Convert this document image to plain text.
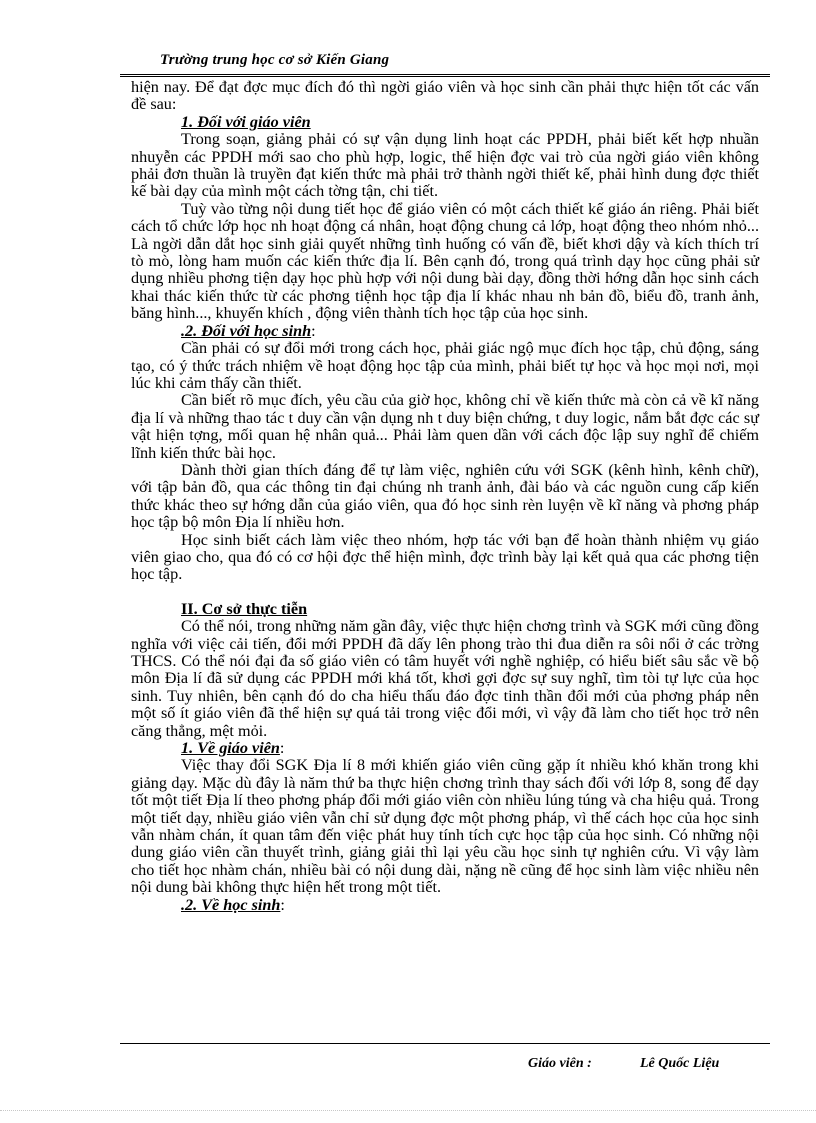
Trường trung học cơ sở Kiến Giang

hiện nay. Để đạt đợc mục đích đó thì ngời giáo viên và học sinh cần phải thực hiện tốt các vấn đề sau:

1. Đối với giáo viên

Trong soạn, giảng phải có sự vận dụng linh hoạt các PPDH, phải biết kết hợp nhuần nhuyễn các PPDH mới sao cho phù hợp, logic, thể hiện đợc vai trò của ngời giáo viên không phải đơn thuần là truyền đạt kiến thức mà phải trở thành ngời thiết kế, phải hình dung đợc thiết kế bài dạy của mình một cách tờng tận, chi tiết.

Tuỳ vào từng nội dung tiết học để giáo viên có một cách thiết kế giáo án riêng. Phải biết cách tổ chức lớp học nh hoạt động cá nhân, hoạt động chung cả lớp, hoạt động theo nhóm nhỏ... Là ngời dẫn dắt học sinh giải quyết những tình huống có vấn đề, biết khơi dậy và kích thích trí tò mò, lòng ham muốn các kiến thức địa lí. Bên cạnh đó, trong quá trình dạy học cũng phải sử dụng nhiều phơng tiện dạy học phù hợp với nội dung bài dạy, đồng thời hớng dẫn học sinh cách khai thác kiến thức từ các phơng tiệnh học tập địa lí khác nhau nh bản đồ, biểu đồ, tranh ảnh, băng hình..., khuyến khích , động viên thành tích học tập của học sinh.

.2. Đối với học sinh:

Cần phải có sự đổi mới trong cách học, phải giác ngộ mục đích học tập, chủ động, sáng tạo, có ý thức trách nhiệm về hoạt động học tập của mình, phải biết tự học và học mọi nơi, mọi lúc khi cảm thấy cần thiết.

Cần biết rõ mục đích, yêu cầu của giờ học, không chỉ về kiến thức mà còn cả về kĩ năng địa lí và những thao tác t duy cần vận dụng nh t duy biện chứng, t duy logic, nắm bắt đợc các sự vật hiện tợng, mối quan hệ nhân quả... Phải làm quen dần với cách độc lập suy nghĩ để chiếm lĩnh kiến thức bài học.

Dành thời gian thích đáng để tự làm việc, nghiên cứu với SGK (kênh hình, kênh chữ), với tập bản đồ, qua các thông tin đại chúng nh tranh ảnh, đài báo và các nguồn cung cấp kiến thức khác theo sự hớng dẫn của giáo viên, qua đó học sinh rèn luyện về kĩ năng và phơng pháp học tập bộ môn Địa lí nhiều hơn.

Học sinh biết cách làm việc theo nhóm, hợp tác với bạn để hoàn thành nhiệm vụ giáo viên giao cho, qua đó có cơ hội đợc thể hiện mình, đợc trình bày lại kết quả qua các phơng tiện học tập.

II. Cơ sở thực tiễn

Có thể nói, trong những năm gần đây, việc thực hiện chơng trình và SGK mới cũng đồng nghĩa với việc cải tiến, đổi mới PPDH đã dấy lên phong trào thi đua diễn ra sôi nổi ở các trờng THCS. Có thể nói đại đa số giáo viên có tâm huyết với nghề nghiệp, có hiểu biết sâu sắc về bộ môn Địa lí đã sử dụng các PPDH mới khá tốt, khơi gợi đợc sự suy nghĩ, tìm tòi tự lực của học sinh. Tuy nhiên, bên cạnh đó do cha hiểu thấu đáo đợc tinh thần đổi mới của phơng pháp nên một số ít giáo viên đã thể hiện sự quá tải trong việc đổi mới, vì vậy đã làm cho tiết học trở nên căng thẳng, mệt mỏi.

1. Về giáo viên:

Việc thay đổi SGK Địa lí 8 mới khiến giáo viên cũng gặp ít nhiều khó khăn trong khi giảng dạy. Mặc dù đây là năm thứ ba thực hiện chơng trình thay sách đối với lớp 8, song để dạy tốt một tiết Địa lí theo phơng pháp đổi mới giáo viên còn nhiều lúng túng và cha hiệu quả. Trong một tiết dạy, nhiều giáo viên vẫn chỉ sử dụng đợc một phơng pháp, vì thế cách học của học sinh vẫn nhàm chán, ít quan tâm đến việc phát huy tính tích cực học tập của học sinh. Có những nội dung giáo viên cần thuyết trình, giảng giải thì lại yêu cầu học sinh tự nghiên cứu. Vì vậy làm cho tiết học nhàm chán, nhiều bài có nội dung dài, nặng nề cũng để học sinh làm việc nhiều nên nội dung bài không thực hiện hết trong một tiết.

.2. Về học sinh:

Giáo viên :	Lê Quốc Liệu
